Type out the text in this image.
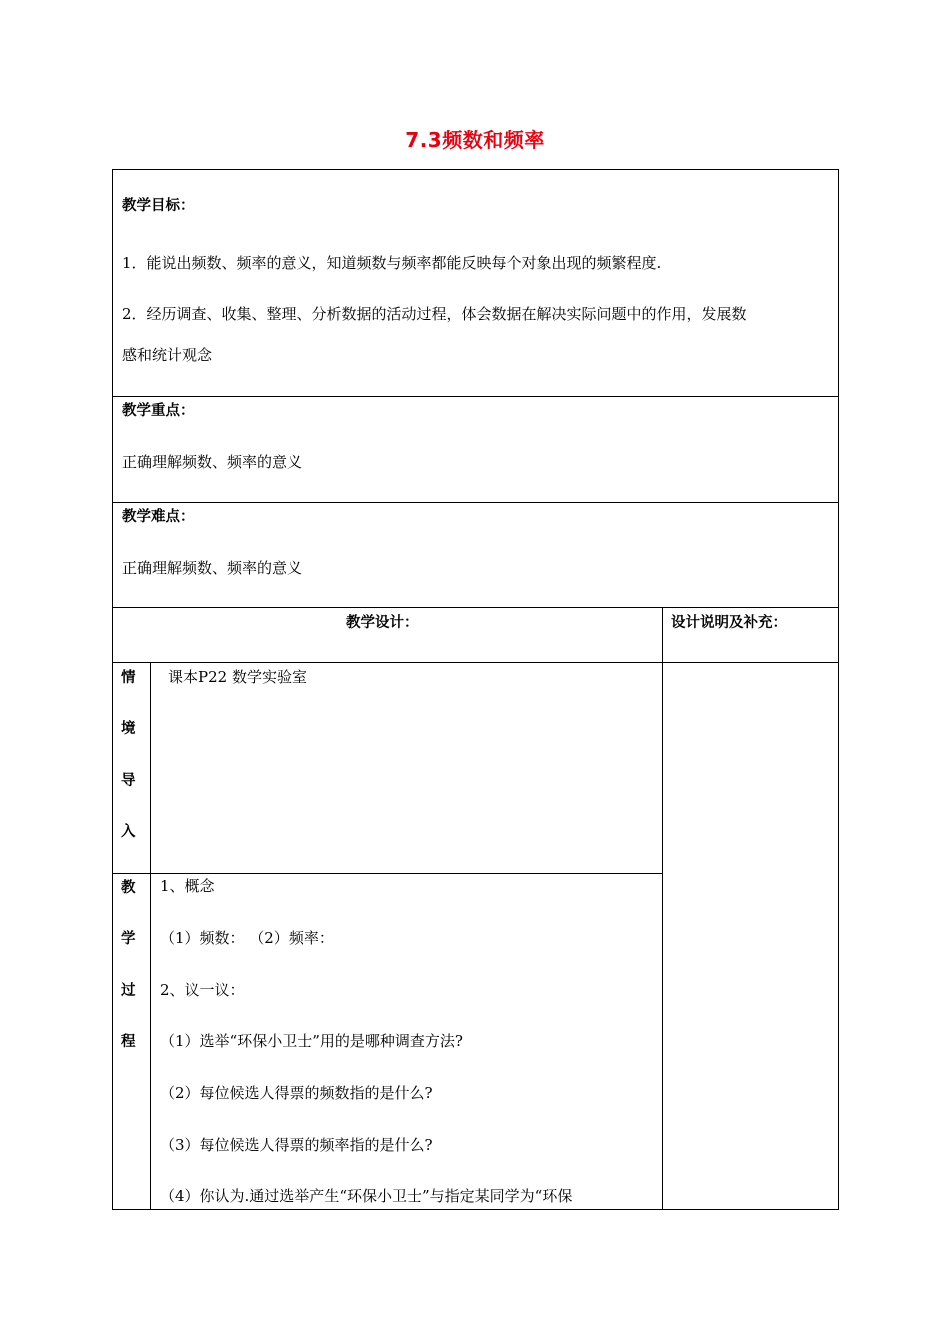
7.3频数和频率
教学目标：
1．能说出频数、频率的意义，知道频数与频率都能反映每个对象出现的频繁程度.
2．经历调查、收集、整理、分析数据的活动过程，体会数据在解决实际问题中的作用，发展数
感和统计观念
教学重点：
正确理解频数、频率的意义
教学难点：
正确理解频数、频率的意义
教学设计：	设计说明及补充：
情
境
导
入
课本P22 数学实验室
教
学
过
程
1、概念
（1）频数： （2）频率：
2、议一议：
（1）选举“环保小卫士”用的是哪种调查方法?
（2）每位候选人得票的频数指的是什么?
（3）每位候选人得票的频率指的是什么?
（4）你认为.通过选举产生“环保小卫士”与指定某同学为“环保
